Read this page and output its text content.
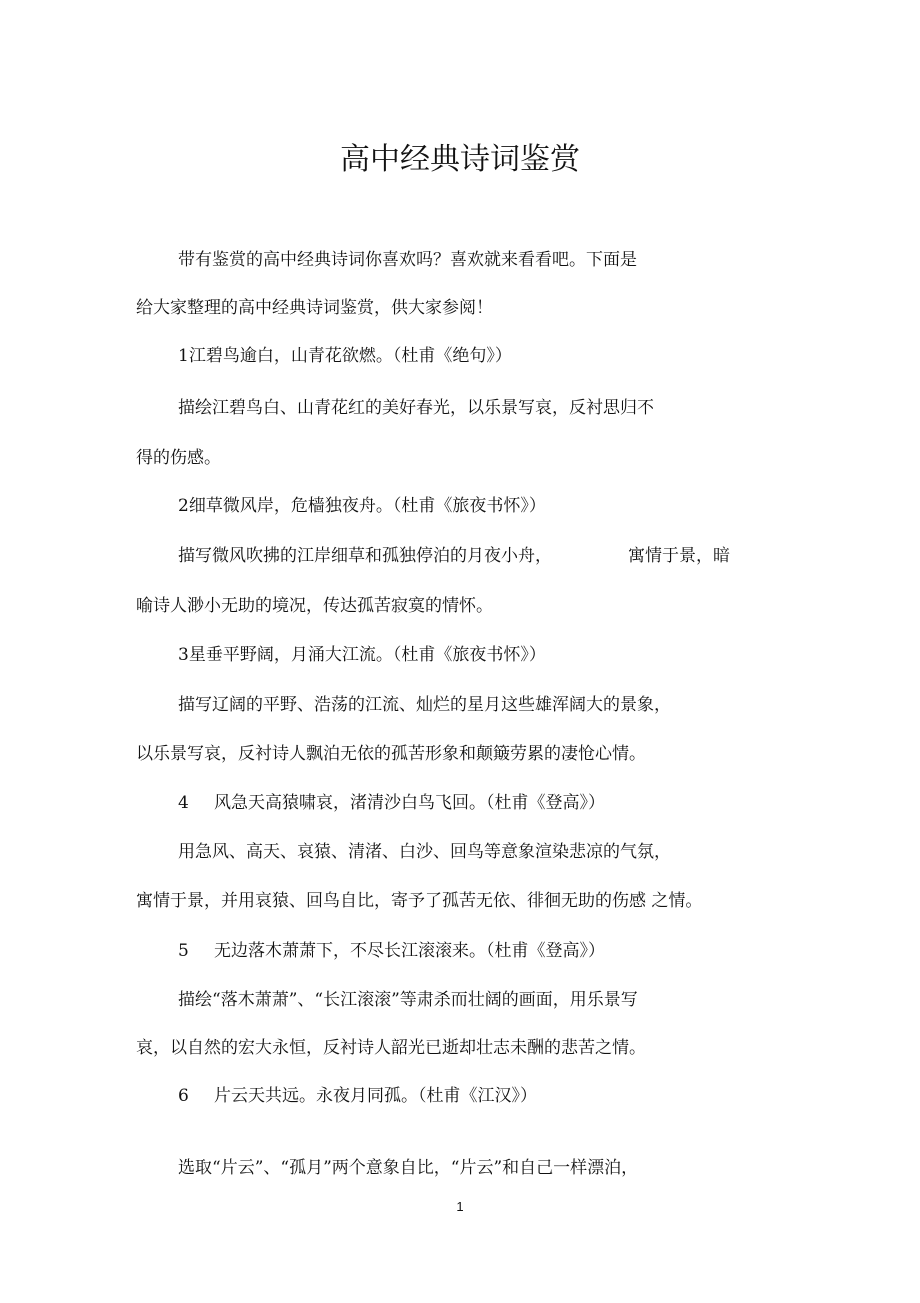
高中经典诗词鉴赏

带有鉴赏的高中经典诗词你喜欢吗？喜欢就来看看吧。下面是

给大家整理的高中经典诗词鉴赏，供大家参阅！

1江碧鸟逾白，山青花欲燃。（杜甫《绝句》）

描绘江碧鸟白、山青花红的美好春光，以乐景写哀，反衬思归不

得的伤感。

2细草微风岸，危樯独夜舟。（杜甫《旅夜书怀》）

描写微风吹拂的江岸细草和孤独停泊的月夜小舟，	寓情于景，暗

喻诗人渺小无助的境况，传达孤苦寂寞的情怀。

3星垂平野阔，月涌大江流。（杜甫《旅夜书怀》）

描写辽阔的平野、浩荡的江流、灿烂的星月这些雄浑阔大的景象，

以乐景写哀，反衬诗人飘泊无依的孤苦形象和颠簸劳累的凄怆心情。

4 风急天高猿啸哀，渚清沙白鸟飞回。（杜甫《登高》）

用急风、高天、哀猿、清渚、白沙、回鸟等意象渲染悲凉的气氛，

寓情于景，并用哀猿、回鸟自比，寄予了孤苦无依、徘徊无助的伤感 之情。

5 无边落木萧萧下，不尽长江滚滚来。（杜甫《登高》）

描绘“落木萧萧”、“长江滚滚”等肃杀而壮阔的画面，用乐景写

哀，以自然的宏大永恒，反衬诗人韶光已逝却壮志未酬的悲苦之情。

6 片云天共远。永夜月同孤。（杜甫《江汉》）

选取“片云”、“孤月”两个意象自比，“片云”和自己一样漂泊，

1
